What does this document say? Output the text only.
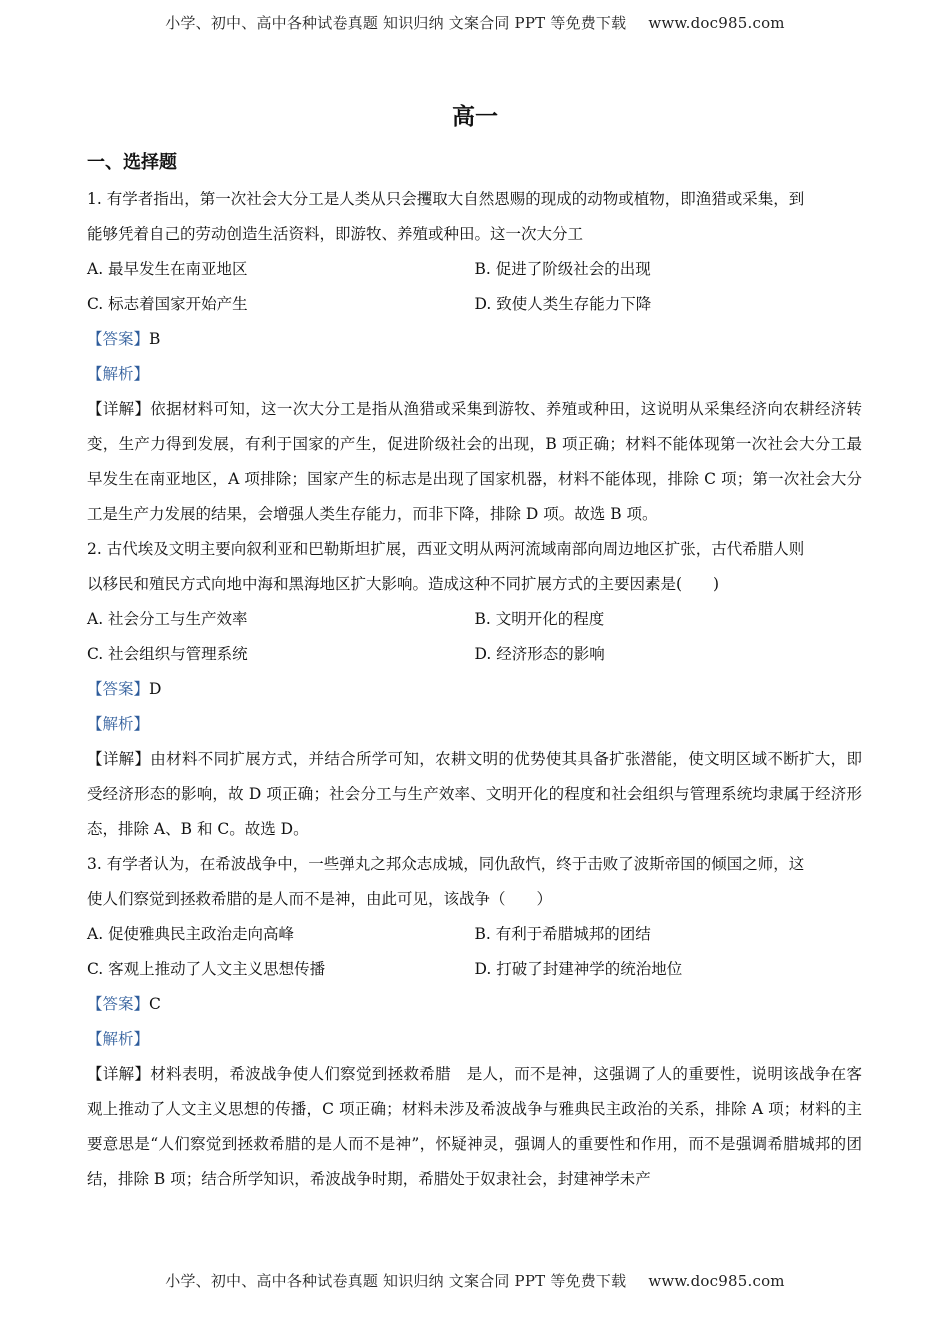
小学、初中、高中各种试卷真题 知识归纳 文案合同 PPT 等免费下载 www.doc985.com
高一
一、选择题

1. 有学者指出，第一次社会大分工是人类从只会攫取大自然恩赐的现成的动物或植物，即渔猎或采集，到

能够凭着自己的劳动创造生活资料，即游牧、养殖或种田。这一次大分工

A. 最早发生在南亚地区	B. 促进了阶级社会的出现
C. 标志着国家开始产生	D. 致使人类生存能力下降

【答案】B

【解析】

【详解】依据材料可知，这一次大分工是指从渔猎或采集到游牧、养殖或种田，这说明从采集经济向农耕经济转变，生产力得到发展，有利于国家的产生，促进阶级社会的出现，B 项正确；材料不能体现第一次社会大分工最早发生在南亚地区，A 项排除；国家产生的标志是出现了国家机器，材料不能体现，排除 C 项；第一次社会大分工是生产力发展的结果，会增强人类生存能力，而非下降，排除 D 项。故选 B 项。

2. 古代埃及文明主要向叙利亚和巴勒斯坦扩展，西亚文明从两河流域南部向周边地区扩张，古代希腊人则

以移民和殖民方式向地中海和黑海地区扩大影响。造成这种不同扩展方式的主要因素是(　　)

A. 社会分工与生产效率	B. 文明开化的程度
C. 社会组织与管理系统	D. 经济形态的影响

【答案】D

【解析】

【详解】由材料不同扩展方式，并结合所学可知，农耕文明的优势使其具备扩张潜能，使文明区域不断扩大，即受经济形态的影响，故 D 项正确；社会分工与生产效率、文明开化的程度和社会组织与管理系统均隶属于经济形态，排除 A、B 和 C。故选 D。

3. 有学者认为，在希波战争中，一些弹丸之邦众志成城，同仇敌忾，终于击败了波斯帝国的倾国之师，这

使人们察觉到拯救希腊的是人而不是神，由此可见，该战争（　　）

A. 促使雅典民主政治走向高峰	B. 有利于希腊城邦的团结
C. 客观上推动了人文主义思想传播	D. 打破了封建神学的统治地位

【答案】C

【解析】

【详解】材料表明，希波战争使人们察觉到拯救希腊　是人，而不是神，这强调了人的重要性，说明该战争在客观上推动了人文主义思想的传播，C 项正确；材料未涉及希波战争与雅典民主政治的关系，排除 A 项；材料的主要意思是“人们察觉到拯救希腊的是人而不是神”，怀疑神灵，强调人的重要性和作用，而不是强调希腊城邦的团结，排除 B 项；结合所学知识，希波战争时期，希腊处于奴隶社会，封建神学未产

小学、初中、高中各种试卷真题 知识归纳 文案合同 PPT 等免费下载 www.doc985.com
